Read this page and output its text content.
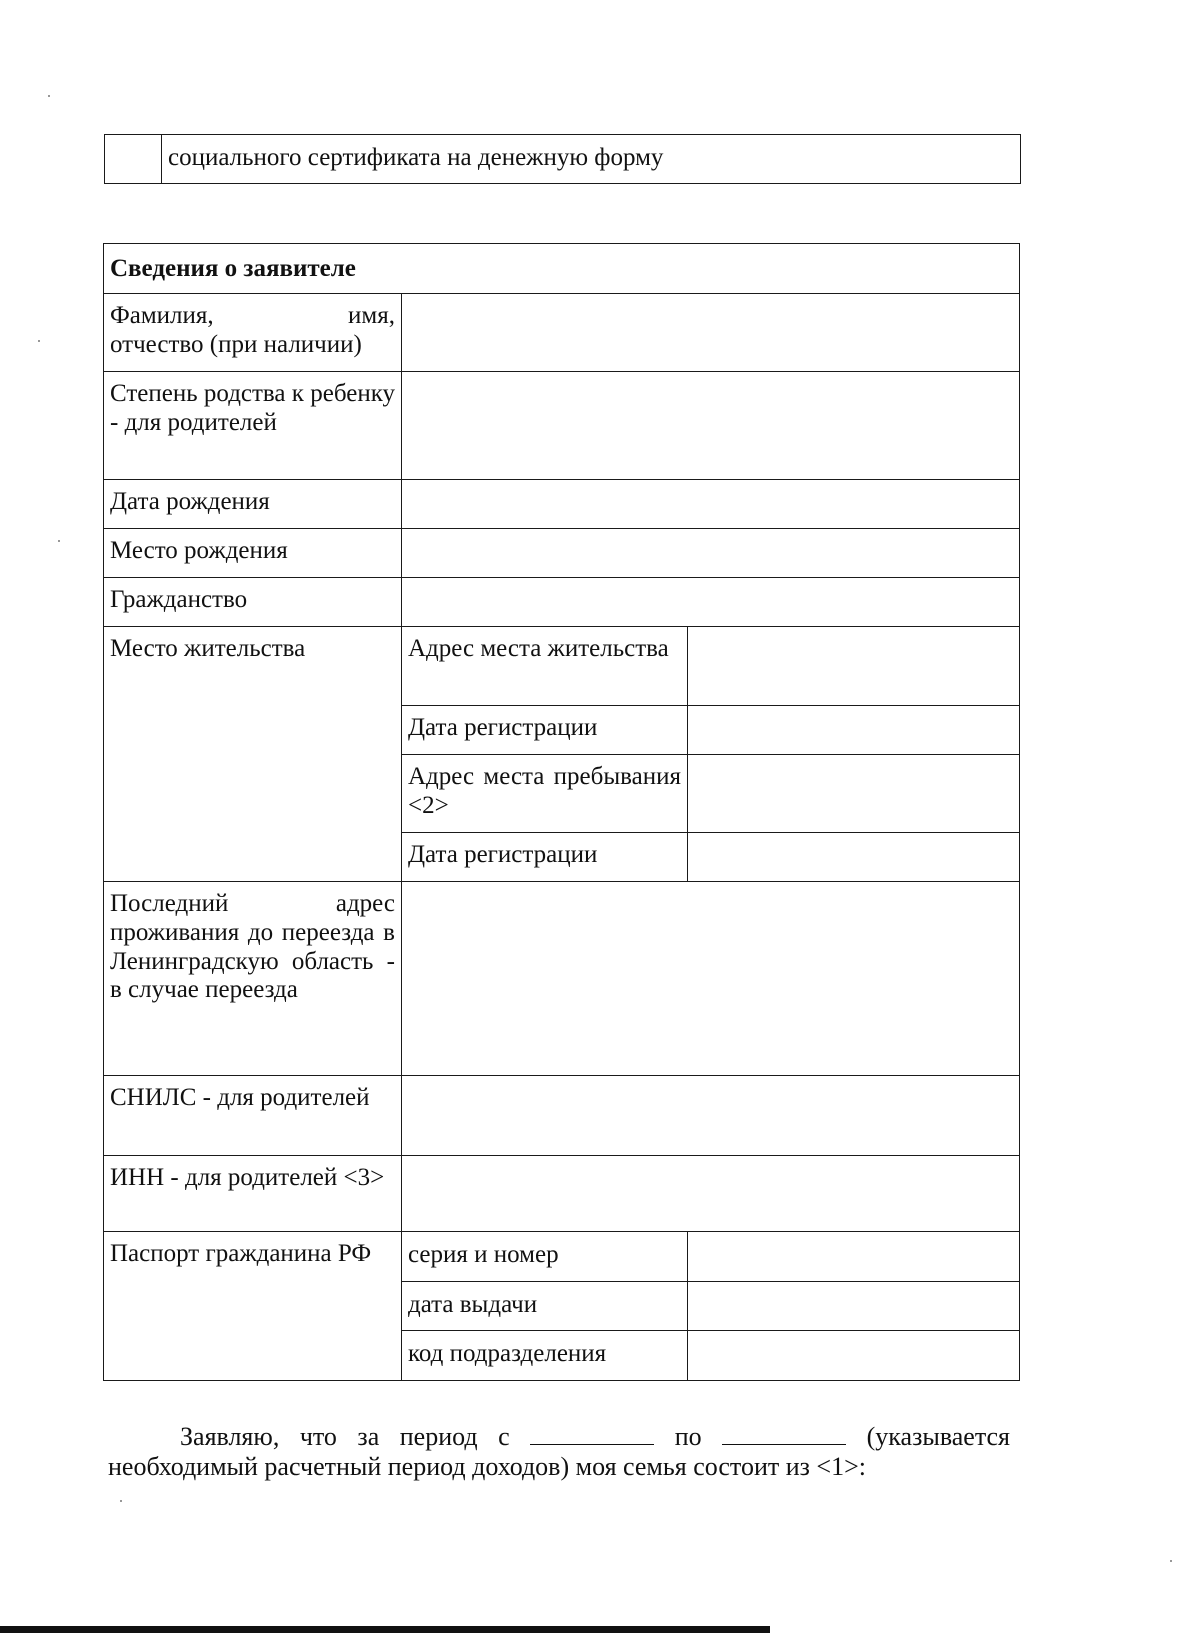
социального сертификата на денежную форму
Сведения о заявителе		

Фамилия, имя,
отчество (при наличии)		

Степень родства к ребенку - для родителей		

Дата рождения		

Место рождения		

Гражданство		

Место жительства	Адрес места жительства	

	Дата регистрации	

	Адрес места пребывания <2>	

	Дата регистрации	

Последний адрес проживания до переезда в Ленинградскую область - в случае переезда		

СНИЛС - для родителей		

ИНН - для родителей <3>		

Паспорт гражданина РФ	серия и номер	

	дата выдачи	

	код подразделения	

Заявляю, что за период с	по	(указывается
необходимый расчетный период доходов) моя семья состоит из <1>:
